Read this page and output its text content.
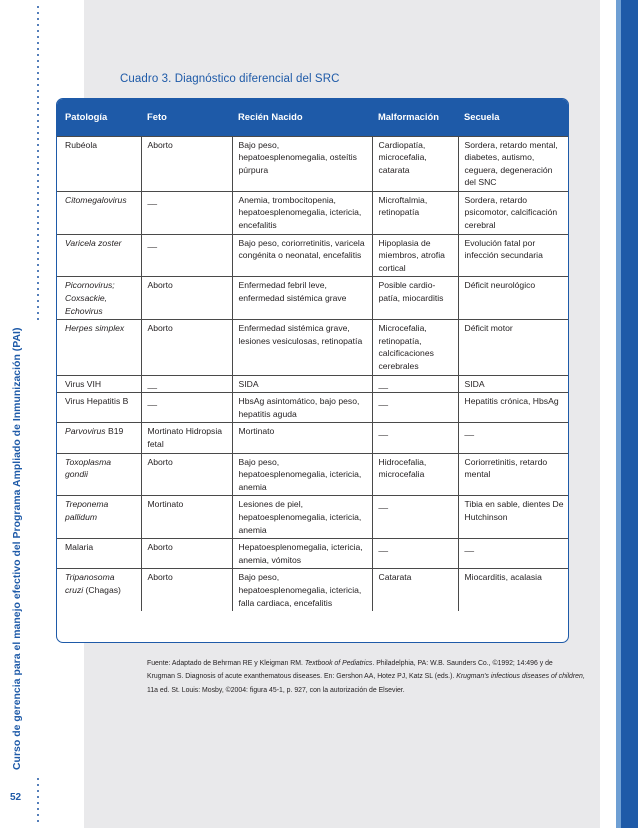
Curso de gerencia para el manejo efectivo del Programa Ampliado de Inmunización (PAI)
52
Cuadro 3. Diagnóstico diferencial del SRC
Patología	Feto	Recién Nacido	Malformación	Secuela
Rubéola	Aborto	Bajo peso, hepatoesplenomegalia, osteítis púrpura	Cardiopatía, microcefalia, catarata	Sordera, retardo mental, diabetes, autismo, ceguera, degeneración del SNC
Citomegalovirus	__	Anemia, trombocitopenia, hepatoesplenomegalia, ictericia, encefalitis	Microftalmia, retinopatía	Sordera, retardo psicomotor, calcificación cerebral
Varicela zoster	__	Bajo peso, coriorretinitis, varicela congénita o neonatal, encefalitis	Hipoplasia de miembros, atrofia cortical	Evolución fatal por infección secundaria
Picornovirus; Coxsackie, Echovirus	Aborto	Enfermedad febril leve, enfermedad sistémica grave	Posible cardio-patía, miocarditis	Déficit neurológico
Herpes simplex	Aborto	Enfermedad sistémica grave, lesiones vesiculosas, retinopatía	Microcefalia, retinopatía, calcificaciones cerebrales	Déficit motor
Virus VIH	__	SIDA	__	SIDA
Virus Hepatitis B	__	HbsAg asintomático, bajo peso, hepatitis aguda	__	Hepatitis crónica, HbsAg
Parvovirus B19	Mortinato Hidropsia fetal	Mortinato	__	__
Toxoplasma gondii	Aborto	Bajo peso, hepatoesplenomegalia, ictericia, anemia	Hidrocefalia, microcefalia	Coriorretinitis, retardo mental
Treponema pallidum	Mortinato	Lesiones de piel, hepatoesplenomegalia, ictericia, anemia	__	Tibia en sable, dientes De Hutchinson
Malaria	Aborto	Hepatoesplenomegalia, ictericia, anemia, vómitos	__	__
Tripanosoma cruzi (Chagas)	Aborto	Bajo peso, hepatoesplenomegalia, ictericia, falla cardiaca, encefalitis	Catarata	Miocarditis, acalasia
Fuente: Adaptado de Behrman RE y Kleigman RM. Textbook of Pediatrics. Philadelphia, PA: W.B. Saunders Co., ©1992; 14:496 y de
Krugman S. Diagnosis of acute exanthematous diseases. En: Gershon AA, Hotez PJ, Katz SL (eds.). Krugman's infectious diseases of children, 11a ed. St. Louis: Mosby, ©2004: figura 45-1, p. 927, con la autorización de Elsevier.
